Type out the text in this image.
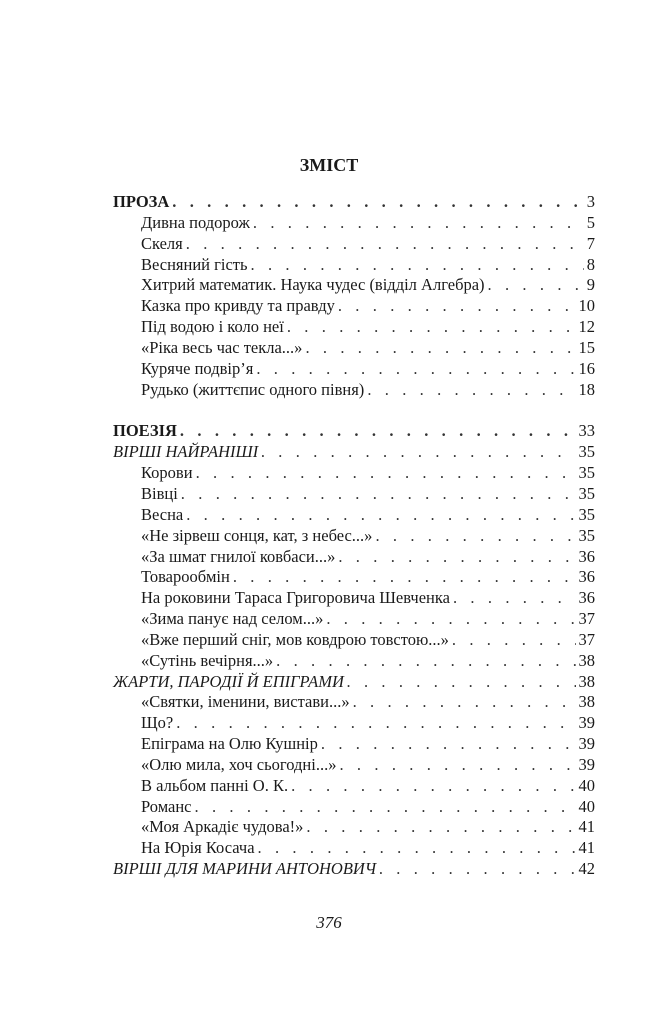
ЗМІСТ
ПРОЗА . . .	3
Дивна подорож . . .	5
Скеля . . .	7
Весняний гість . . .	8
Хитрий математик. Наука чудес (відділ Алгебра) . . .	9
Казка про кривду та правду . . .	10
Під водою і коло неї . . .	12
«Ріка весь час текла...» . . .	15
Куряче подвір’я . . .	16
Рудько (життєпис одного півня) . . .	18
ПОЕЗІЯ . . .	33
ВІРШІ НАЙРАНІШІ . . .	35
Корови . . .	35
Вівці . . .	35
Весна . . .	35
«Не зірвеш сонця, кат, з небес...» . . .	35
«За шмат гнилої ковбаси...» . . .	36
Товарообмін . . .	36
На роковини Тараса Григоровича Шевченка . . .	36
«Зима панує над селом...» . . .	37
«Вже перший сніг, мов ковдрою товстою...» . . .	37
«Сутінь вечірня...» . . .	38
ЖАРТИ, ПАРОДІЇ Й ЕПІГРАМИ . . .	38
«Святки, іменини, вистави...» . . .	38
Що? . . .	39
Епіграма на Олю Кушнір . . .	39
«Олю мила, хоч сьогодні...» . . .	39
В альбом панні О. К. . . .	40
Романс . . .	40
«Моя Аркадіє чудова!» . . .	41
На Юрія Косача . . .	41
ВІРШІ ДЛЯ МАРИНИ АНТОНОВИЧ . . .	42
376
